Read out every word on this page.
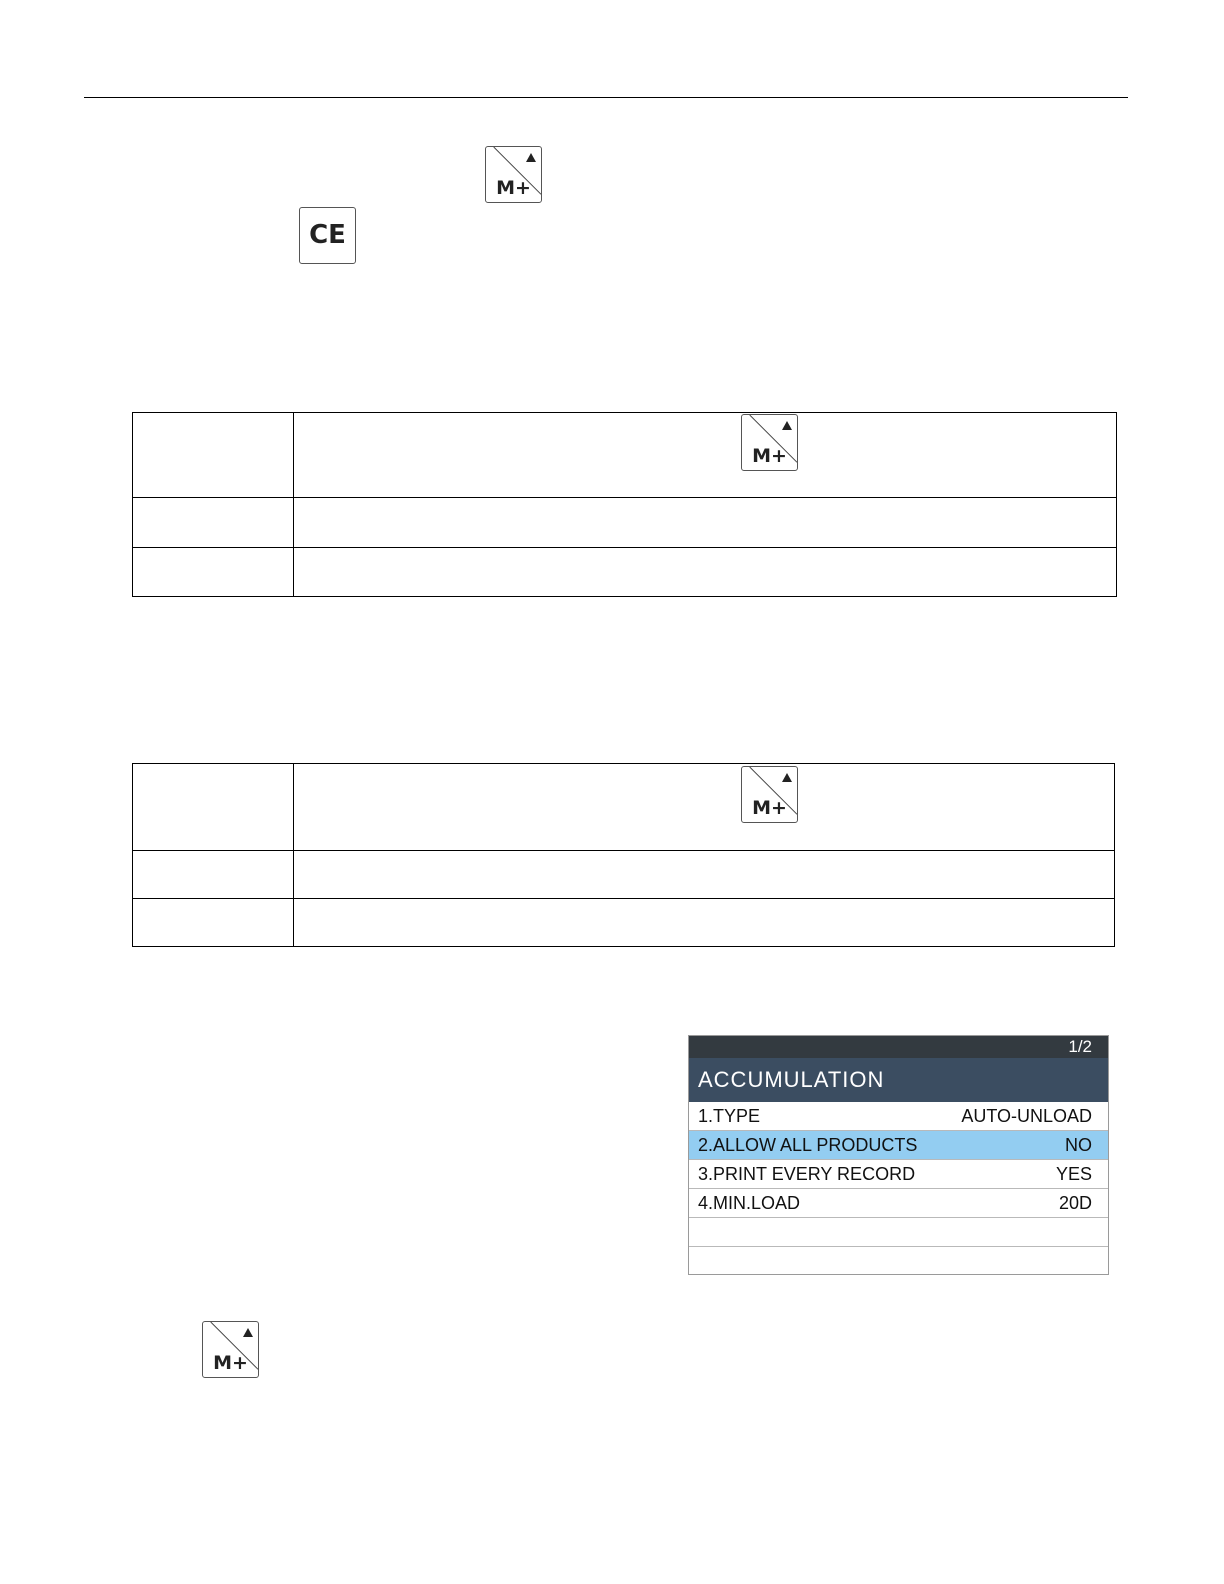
M+
CE

	M+

	M+

1/2
ACCUMULATION
1.TYPE	AUTO-UNLOAD
2.ALLOW ALL PRODUCTS	NO
3.PRINT EVERY RECORD	YES
4.MIN.LOAD	20D
M+
